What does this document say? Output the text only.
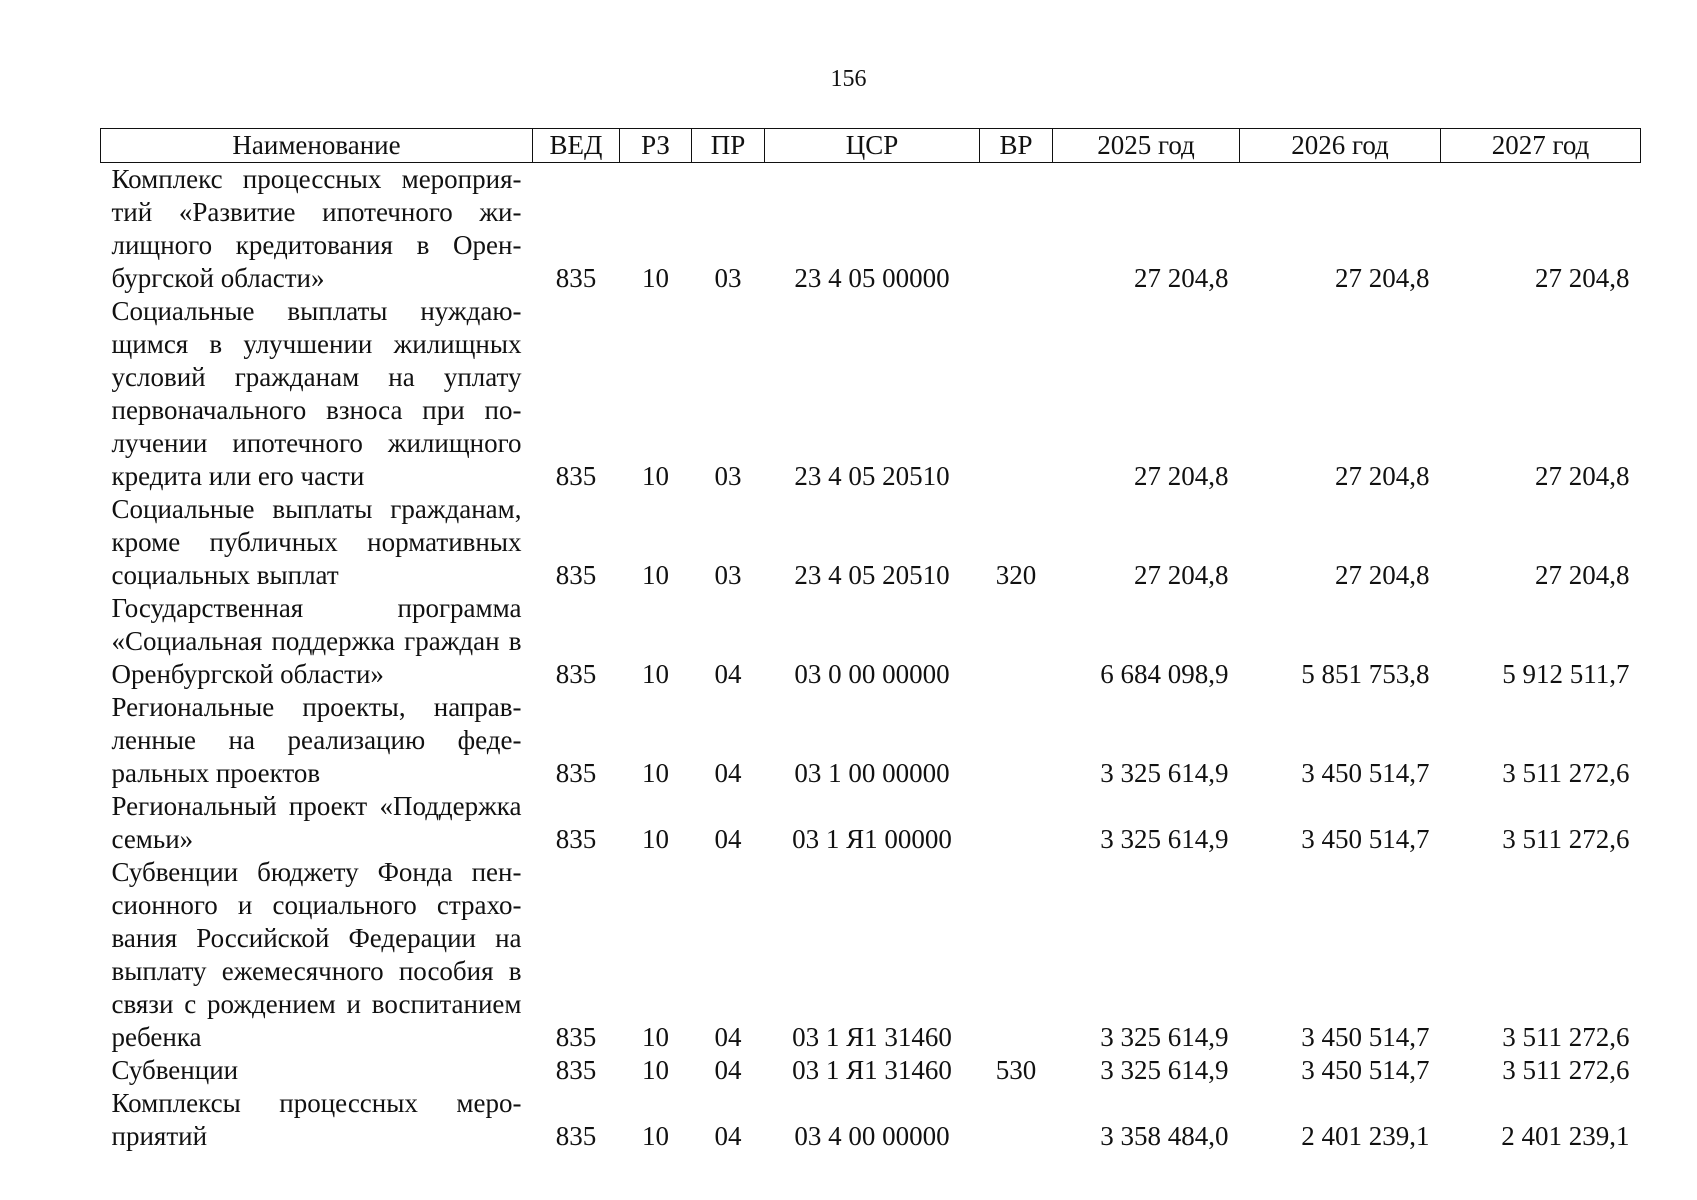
156
Наименование	ВЕД	РЗ	ПР	ЦСР	ВР	2025 год	2026 год	2027 год
Комплекс процессных мероприятий «Развитие ипотечного жилищного кредитования в Оренбургской области»	835	10	03	23 4 05 00000		27 204,8	27 204,8	27 204,8
Социальные выплаты нуждающимся в улучшении жилищных условий гражданам на уплату первоначального взноса при получении ипотечного жилищного кредита или его части	835	10	03	23 4 05 20510		27 204,8	27 204,8	27 204,8
Социальные выплаты гражданам, кроме публичных нормативных социальных выплат	835	10	03	23 4 05 20510	320	27 204,8	27 204,8	27 204,8
Государственная программа «Социальная поддержка граждан в Оренбургской области»	835	10	04	03 0 00 00000		6 684 098,9	5 851 753,8	5 912 511,7
Региональные проекты, направленные на реализацию федеральных проектов	835	10	04	03 1 00 00000		3 325 614,9	3 450 514,7	3 511 272,6
Региональный проект «Поддержка семьи»	835	10	04	03 1 Я1 00000		3 325 614,9	3 450 514,7	3 511 272,6
Субвенции бюджету Фонда пенсионного и социального страхования Российской Федерации на выплату ежемесячного пособия в связи с рождением и воспитанием ребенка	835	10	04	03 1 Я1 31460		3 325 614,9	3 450 514,7	3 511 272,6
Субвенции	835	10	04	03 1 Я1 31460	530	3 325 614,9	3 450 514,7	3 511 272,6
Комплексы процессных мероприятий	835	10	04	03 4 00 00000		3 358 484,0	2 401 239,1	2 401 239,1
